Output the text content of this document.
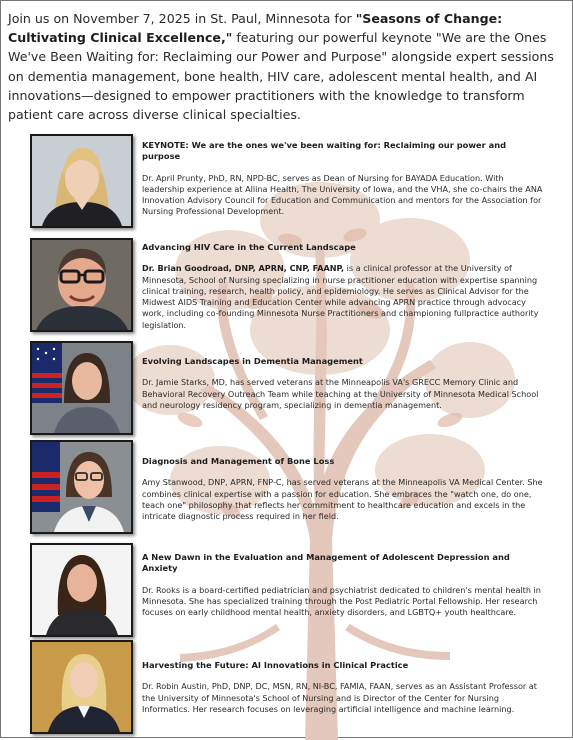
Join us on November 7, 2025 in St. Paul, Minnesota for "Seasons of Change: Cultivating Clinical Excellence," featuring our powerful keynote "We are the Ones We've Been Waiting for: Reclaiming our Power and Purpose" alongside expert sessions on dementia management, bone health, HIV care, adolescent mental health, and AI innovations—designed to empower practitioners with the knowledge to transform patient care across diverse clinical specialties.

KEYNOTE: We are the ones we've been waiting for: Reclaiming our power and purpose

Dr. April Prunty, PhD, RN, NPD-BC, serves as Dean of Nursing for BAYADA Education. With leadership experience at Allina Health, The University of Iowa, and the VHA, she co-chairs the ANA Innovation Advisory Council for Education and Communication and mentors for the Association for Nursing Professional Development.

Advancing HIV Care in the Current Landscape

Dr. Brian Goodroad, DNP, APRN, CNP, FAANP, is a clinical professor at the University of Minnesota, School of Nursing specializing in nurse practitioner education with expertise spanning clinical training, research, health policy, and epidemiology. He serves as Clinical Advisor for the Midwest AIDS Training and Education Center while advancing APRN practice through advocacy work, including co-founding Minnesota Nurse Practitioners and championing fullpractice authority legislation.

Evolving Landscapes in Dementia Management

Dr. Jamie Starks, MD, has served veterans at the Minneapolis VA's GRECC Memory Clinic and Behavioral Recovery Outreach Team while teaching at the University of Minnesota Medical School and neurology residency program, specializing in dementia management.

Diagnosis and Management of Bone Loss

Amy Stanwood, DNP, APRN, FNP-C, has served veterans at the Minneapolis VA Medical Center. She combines clinical expertise with a passion for education. She embraces the "watch one, do one, teach one" philosophy that reflects her commitment to healthcare education and excels in the intricate diagnostic process required in her field.

A New Dawn in the Evaluation and Management of Adolescent Depression and Anxiety

Dr. Rooks is a board-certified pediatrician and psychiatrist dedicated to children's mental health in Minnesota. She has specialized training through the Post Pediatric Portal Fellowship. Her research focuses on early childhood mental health, anxiety disorders, and LGBTQ+ youth healthcare.

Harvesting the Future: AI Innovations in Clinical Practice

Dr. Robin Austin, PhD, DNP, DC, MSN, RN, NI-BC, FAMIA, FAAN, serves as an Assistant Professor at the University of Minnesota's School of Nursing and is Director of the Center for Nursing Informatics. Her research focuses on leveraging artificial intelligence and machine learning.
